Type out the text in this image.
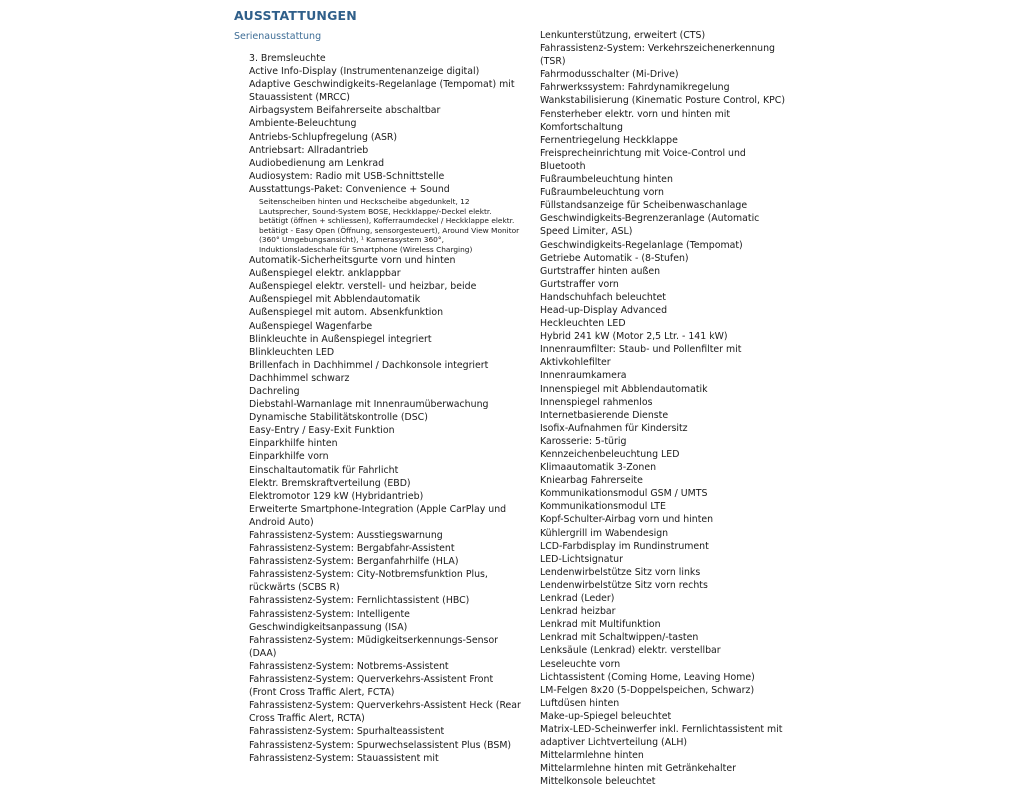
AUSSTATTUNGEN
Serienausstattung
3. Bremsleuchte
Active Info-Display (Instrumentenanzeige digital)
Adaptive Geschwindigkeits-Regelanlage (Tempomat) mit Stauassistent (MRCC)
Airbagsystem Beifahrerseite abschaltbar
Ambiente-Beleuchtung
Antriebs-Schlupfregelung (ASR)
Antriebsart: Allradantrieb
Audiobedienung am Lenkrad
Audiosystem: Radio mit USB-Schnittstelle
Ausstattungs-Paket: Convenience + Sound
Seitenscheiben hinten und Heckscheibe abgedunkelt, 12 Lautsprecher, Sound-System BOSE, Heckklappe/-Deckel elektr. betätigt (öffnen + schliessen), Kofferraumdeckel / Heckklappe elektr. betätigt - Easy Open (Öffnung, sensorgesteuert), Around View Monitor (360° Umgebungsansicht), ¹ Kamerasystem 360°, Induktionsladeschale für Smartphone (Wireless Charging)
Automatik-Sicherheitsgurte vorn und hinten
Außenspiegel elektr. anklappbar
Außenspiegel elektr. verstell- und heizbar, beide
Außenspiegel mit Abblendautomatik
Außenspiegel mit autom. Absenkfunktion
Außenspiegel Wagenfarbe
Blinkleuchte in Außenspiegel integriert
Blinkleuchten LED
Brillenfach in Dachhimmel / Dachkonsole integriert
Dachhimmel schwarz
Dachreling
Diebstahl-Warnanlage mit Innenraumüberwachung
Dynamische Stabilitätskontrolle (DSC)
Easy-Entry / Easy-Exit Funktion
Einparkhilfe hinten
Einparkhilfe vorn
Einschaltautomatik für Fahrlicht
Elektr. Bremskraftverteilung (EBD)
Elektromotor 129 kW (Hybridantrieb)
Erweiterte Smartphone-Integration (Apple CarPlay und Android Auto)
Fahrassistenz-System: Ausstiegswarnung
Fahrassistenz-System: Bergabfahr-Assistent
Fahrassistenz-System: Berganfahrhilfe (HLA)
Fahrassistenz-System: City-Notbremsfunktion Plus, rückwärts (SCBS R)
Fahrassistenz-System: Fernlichtassistent (HBC)
Fahrassistenz-System: Intelligente Geschwindigkeitsanpassung (ISA)
Fahrassistenz-System: Müdigkeitserkennungs-Sensor (DAA)
Fahrassistenz-System: Notbrems-Assistent
Fahrassistenz-System: Querverkehrs-Assistent Front (Front Cross Traffic Alert, FCTA)
Fahrassistenz-System: Querverkehrs-Assistent Heck (Rear Cross Traffic Alert, RCTA)
Fahrassistenz-System: Spurhalteassistent
Fahrassistenz-System: Spurwechselassistent Plus (BSM)
Fahrassistenz-System: Stauassistent mit
Lenkunterstützung, erweitert (CTS)
Fahrassistenz-System: Verkehrszeichenerkennung (TSR)
Fahrmodusschalter (Mi-Drive)
Fahrwerkssystem: Fahrdynamikregelung
Wankstabilisierung (Kinematic Posture Control, KPC)
Fensterheber elektr. vorn und hinten mit Komfortschaltung
Fernentriegelung Heckklappe
Freisprecheinrichtung mit Voice-Control und Bluetooth
Fußraumbeleuchtung hinten
Fußraumbeleuchtung vorn
Füllstandsanzeige für Scheibenwaschanlage
Geschwindigkeits-Begrenzeranlage (Automatic Speed Limiter, ASL)
Geschwindigkeits-Regelanlage (Tempomat)
Getriebe Automatik - (8-Stufen)
Gurtstraffer hinten außen
Gurtstraffer vorn
Handschuhfach beleuchtet
Head-up-Display Advanced
Heckleuchten LED
Hybrid 241 kW (Motor 2,5 Ltr. - 141 kW)
Innenraumfilter: Staub- und Pollenfilter mit Aktivkohlefilter
Innenraumkamera
Innenspiegel mit Abblendautomatik
Innenspiegel rahmenlos
Internetbasierende Dienste
Isofix-Aufnahmen für Kindersitz
Karosserie: 5-türig
Kennzeichenbeleuchtung LED
Klimaautomatik 3-Zonen
Kniearbag Fahrerseite
Kommunikationsmodul GSM / UMTS
Kommunikationsmodul LTE
Kopf-Schulter-Airbag vorn und hinten
Kühlergrill im Wabendesign
LCD-Farbdisplay im Rundinstrument
LED-Lichtsignatur
Lendenwirbelstütze Sitz vorn links
Lendenwirbelstütze Sitz vorn rechts
Lenkrad (Leder)
Lenkrad heizbar
Lenkrad mit Multifunktion
Lenkrad mit Schaltwippen/-tasten
Lenksäule (Lenkrad) elektr. verstellbar
Leseleuchte vorn
Lichtassistent (Coming Home, Leaving Home)
LM-Felgen 8x20 (5-Doppelspeichen, Schwarz)
Luftdüsen hinten
Make-up-Spiegel beleuchtet
Matrix-LED-Scheinwerfer inkl. Fernlichtassistent mit adaptiver Lichtverteilung (ALH)
Mittelarmlehne hinten
Mittelarmlehne hinten mit Getränkehalter
Mittelkonsole beleuchtet
